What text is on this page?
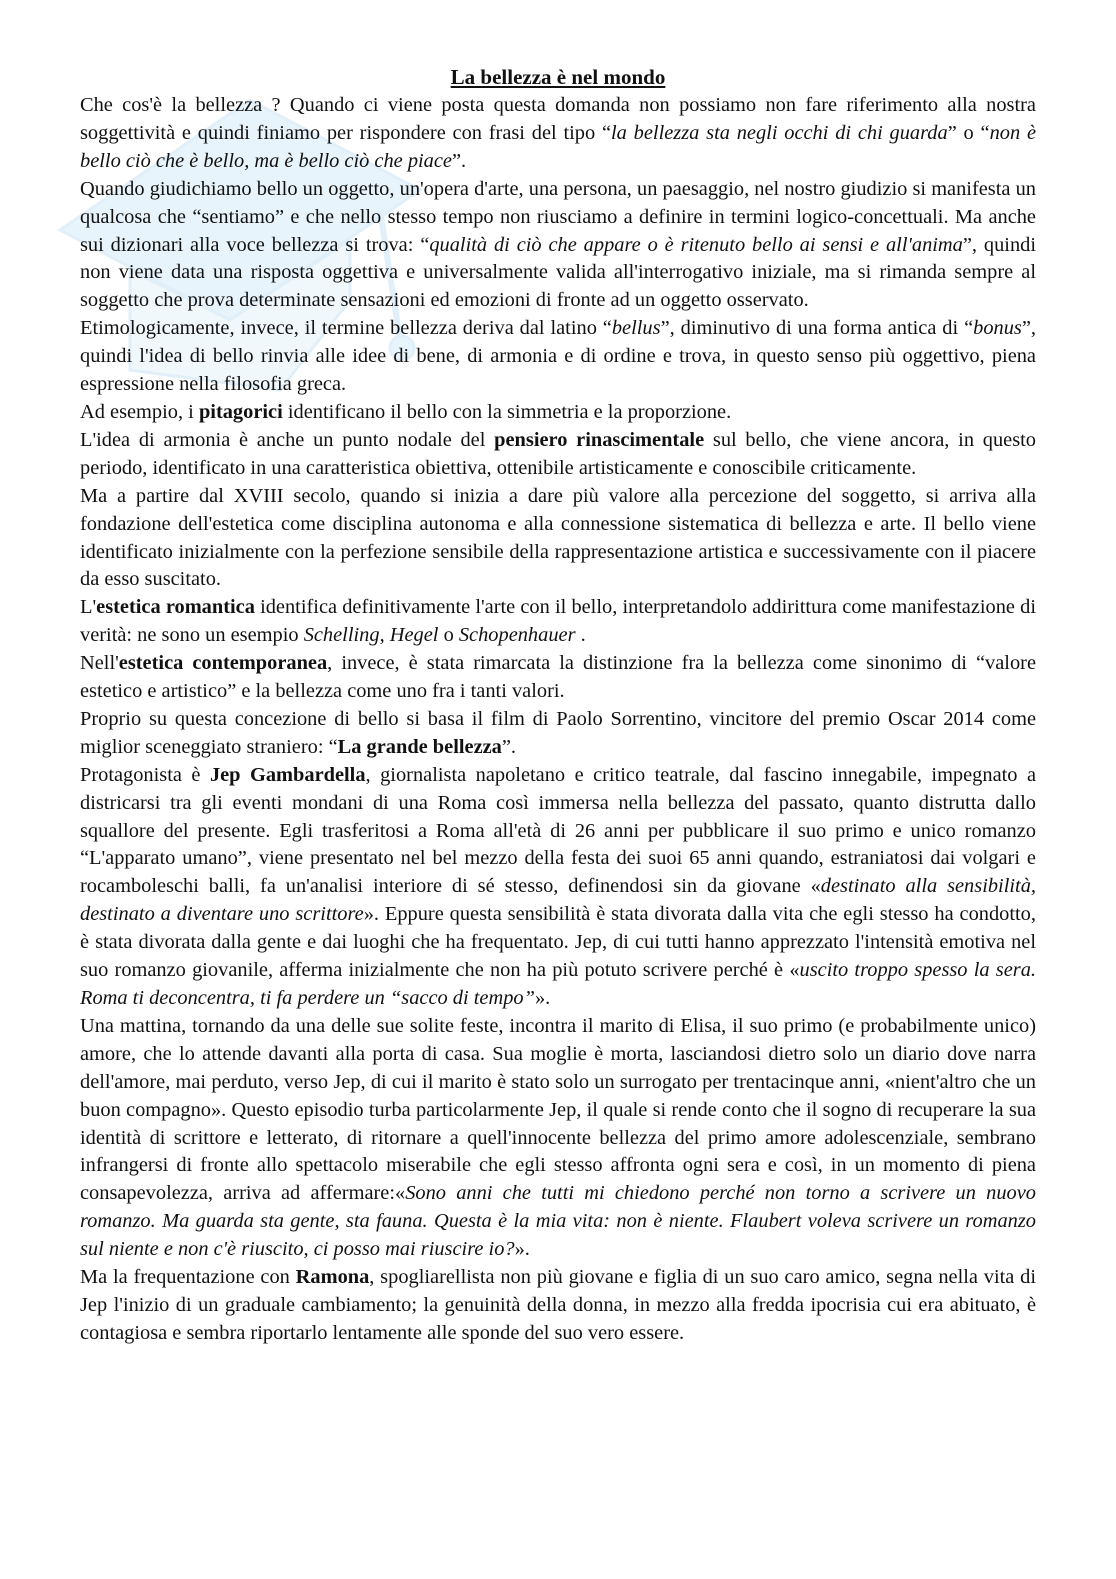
La bellezza è nel mondo

Che cos'è la bellezza ? Quando ci viene posta questa domanda non possiamo non fare riferimento alla nostra soggettività e quindi finiamo per rispondere con frasi del tipo “la bellezza sta negli occhi di chi guarda” o “non è bello ciò che è bello, ma è bello ciò che piace”.

Quando giudichiamo bello un oggetto, un'opera d'arte, una persona, un paesaggio, nel nostro giudizio si manifesta un qualcosa che “sentiamo” e che nello stesso tempo non riusciamo a definire in termini logico-concettuali. Ma anche sui dizionari alla voce bellezza si trova: “qualità di ciò che appare o è ritenuto bello ai sensi e all'anima”, quindi non viene data una risposta oggettiva e universalmente valida all'interrogativo iniziale, ma si rimanda sempre al soggetto che prova determinate sensazioni ed emozioni di fronte ad un oggetto osservato.

Etimologicamente, invece, il termine bellezza deriva dal latino “bellus”, diminutivo di una forma antica di “bonus”, quindi l'idea di bello rinvia alle idee di bene, di armonia e di ordine e trova, in questo senso più oggettivo, piena espressione nella filosofia greca.

Ad esempio, i pitagorici identificano il bello con la simmetria e la proporzione.

L'idea di armonia è anche un punto nodale del pensiero rinascimentale sul bello, che viene ancora, in questo periodo, identificato in una caratteristica obiettiva, ottenibile artisticamente e conoscibile criticamente.

Ma a partire dal XVIII secolo, quando si inizia a dare più valore alla percezione del soggetto, si arriva alla fondazione dell'estetica come disciplina autonoma e alla connessione sistematica di bellezza e arte. Il bello viene identificato inizialmente con la perfezione sensibile della rappresentazione artistica e successivamente con il piacere da esso suscitato.

L'estetica romantica identifica definitivamente l'arte con il bello, interpretandolo addirittura come manifestazione di verità: ne sono un esempio Schelling, Hegel o Schopenhauer .

Nell'estetica contemporanea, invece, è stata rimarcata la distinzione fra la bellezza come sinonimo di “valore estetico e artistico” e la bellezza come uno fra i tanti valori.

Proprio su questa concezione di bello si basa il film di Paolo Sorrentino, vincitore del premio Oscar 2014 come miglior sceneggiato straniero: “La grande bellezza”.

Protagonista è Jep Gambardella, giornalista napoletano e critico teatrale, dal fascino innegabile, impegnato a districarsi tra gli eventi mondani di una Roma così immersa nella bellezza del passato, quanto distrutta dallo squallore del presente. Egli trasferitosi a Roma all'età di 26 anni per pubblicare il suo primo e unico romanzo “L'apparato umano”, viene presentato nel bel mezzo della festa dei suoi 65 anni quando, estraniatosi dai volgari e rocamboleschi balli, fa un'analisi interiore di sé stesso, definendosi sin da giovane «destinato alla sensibilità, destinato a diventare uno scrittore». Eppure questa sensibilità è stata divorata dalla vita che egli stesso ha condotto, è stata divorata dalla gente e dai luoghi che ha frequentato. Jep, di cui tutti hanno apprezzato l'intensità emotiva nel suo romanzo giovanile, afferma inizialmente che non ha più potuto scrivere perché è «uscito troppo spesso la sera. Roma ti deconcentra, ti fa perdere un “sacco di tempo”».

Una mattina, tornando da una delle sue solite feste, incontra il marito di Elisa, il suo primo (e probabilmente unico) amore, che lo attende davanti alla porta di casa. Sua moglie è morta, lasciandosi dietro solo un diario dove narra dell'amore, mai perduto, verso Jep, di cui il marito è stato solo un surrogato per trentacinque anni, «nient'altro che un buon compagno». Questo episodio turba particolarmente Jep, il quale si rende conto che il sogno di recuperare la sua identità di scrittore e letterato, di ritornare a quell'innocente bellezza del primo amore adolescenziale, sembrano infrangersi di fronte allo spettacolo miserabile che egli stesso affronta ogni sera e così, in un momento di piena consapevolezza, arriva ad affermare:«Sono anni che tutti mi chiedono perché non torno a scrivere un nuovo romanzo. Ma guarda sta gente, sta fauna. Questa è la mia vita: non è niente. Flaubert voleva scrivere un romanzo sul niente e non c'è riuscito, ci posso mai riuscire io?».

Ma la frequentazione con Ramona, spogliarellista non più giovane e figlia di un suo caro amico, segna nella vita di Jep l'inizio di un graduale cambiamento; la genuinità della donna, in mezzo alla fredda ipocrisia cui era abituato, è contagiosa e sembra riportarlo lentamente alle sponde del suo vero essere.
